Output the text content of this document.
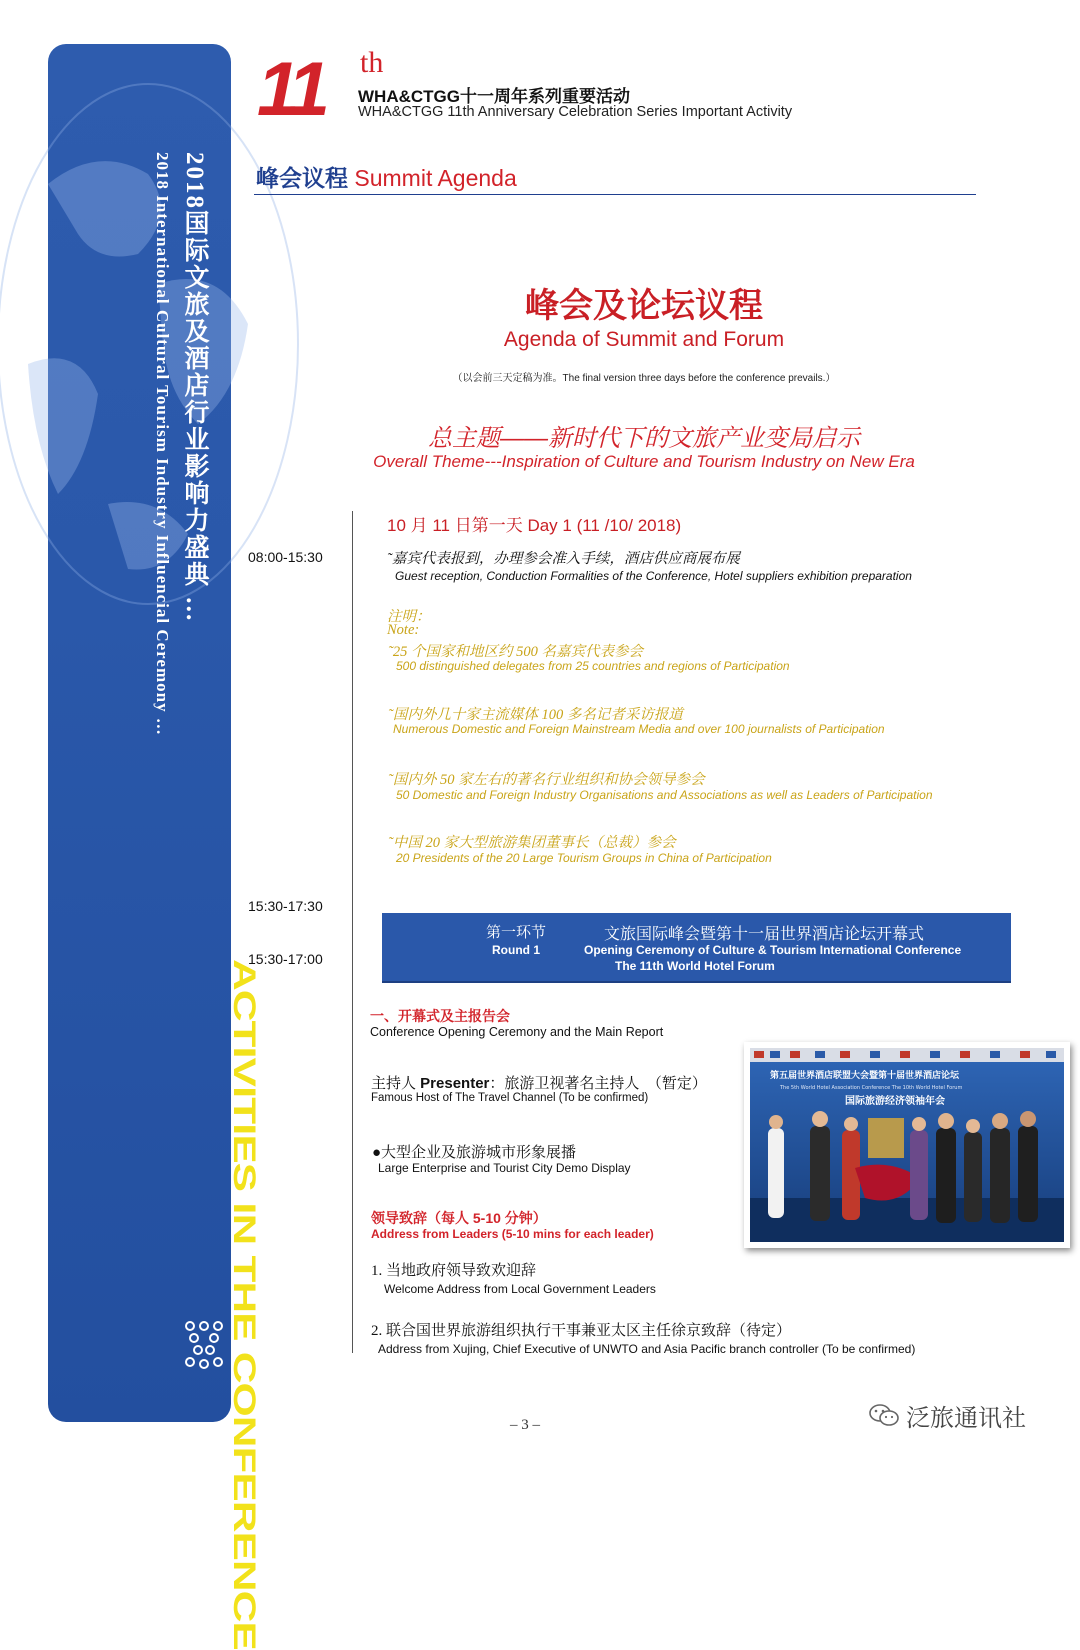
2018国际文旅及酒店行业影响力盛典 …
2018 International Cultural Tourism Industry Influencial Ceremony …
ACTIVITIES IN THE CONFERENCE
11 th
WHA&CTGG十一周年系列重要活动
WHA&CTGG 11th Anniversary Celebration Series Important Activity
峰会议程 Summit Agenda
峰会及论坛议程
Agenda of Summit and Forum
（以会前三天定稿为准。The final version three days before the conference prevails.）
总主题——新时代下的文旅产业变局启示
Overall Theme---Inspiration of Culture and Tourism Industry on New Era
10 月 11 日第一天 Day 1 (11 /10/ 2018)
08:00-15:30	˜嘉宾代表报到，办理参会准入手续，酒店供应商展布展
Guest reception, Conduction Formalities of the Conference, Hotel suppliers exhibition preparation
注明：
Note:
˜25 个国家和地区约 500 名嘉宾代表参会
500 distinguished delegates from 25 countries and regions of Participation
˜国内外几十家主流媒体 100 多名记者采访报道
Numerous Domestic and Foreign Mainstream Media and over 100 journalists of Participation
˜国内外 50 家左右的著名行业组织和协会领导参会
50 Domestic and Foreign Industry Organisations and Associations as well as Leaders of Participation
˜中国 20 家大型旅游集团董事长（总裁）参会
20 Presidents of the 20 Large Tourism Groups in China of Participation
15:30-17:30
15:30-17:00
第一环节
Round 1
文旅国际峰会暨第十一届世界酒店论坛开幕式
Opening Ceremony of Culture & Tourism International Conference
The 11th World Hotel Forum
一、开幕式及主报告会
Conference Opening Ceremony and the Main Report
主持人 Presenter：旅游卫视著名主持人　（暂定）
Famous Host of The Travel Channel (To be confirmed)
●大型企业及旅游城市形象展播
Large Enterprise and Tourist City Demo Display
领导致辞（每人 5-10 分钟）
Address from Leaders (5-10 mins for each leader)
1. 当地政府领导致欢迎辞
Welcome Address from Local Government Leaders
2. 联合国世界旅游组织执行干事兼亚太区主任徐京致辞（待定）
Address from Xujing, Chief Executive of UNWTO and Asia Pacific branch controller (To be confirmed)
第五届世界酒店联盟大会暨第十届世界酒店论坛
The 5th World Hotel Association Conference The 10th World Hotel Forum
国际旅游经济领袖年会
– 3 –	泛旅通讯社
